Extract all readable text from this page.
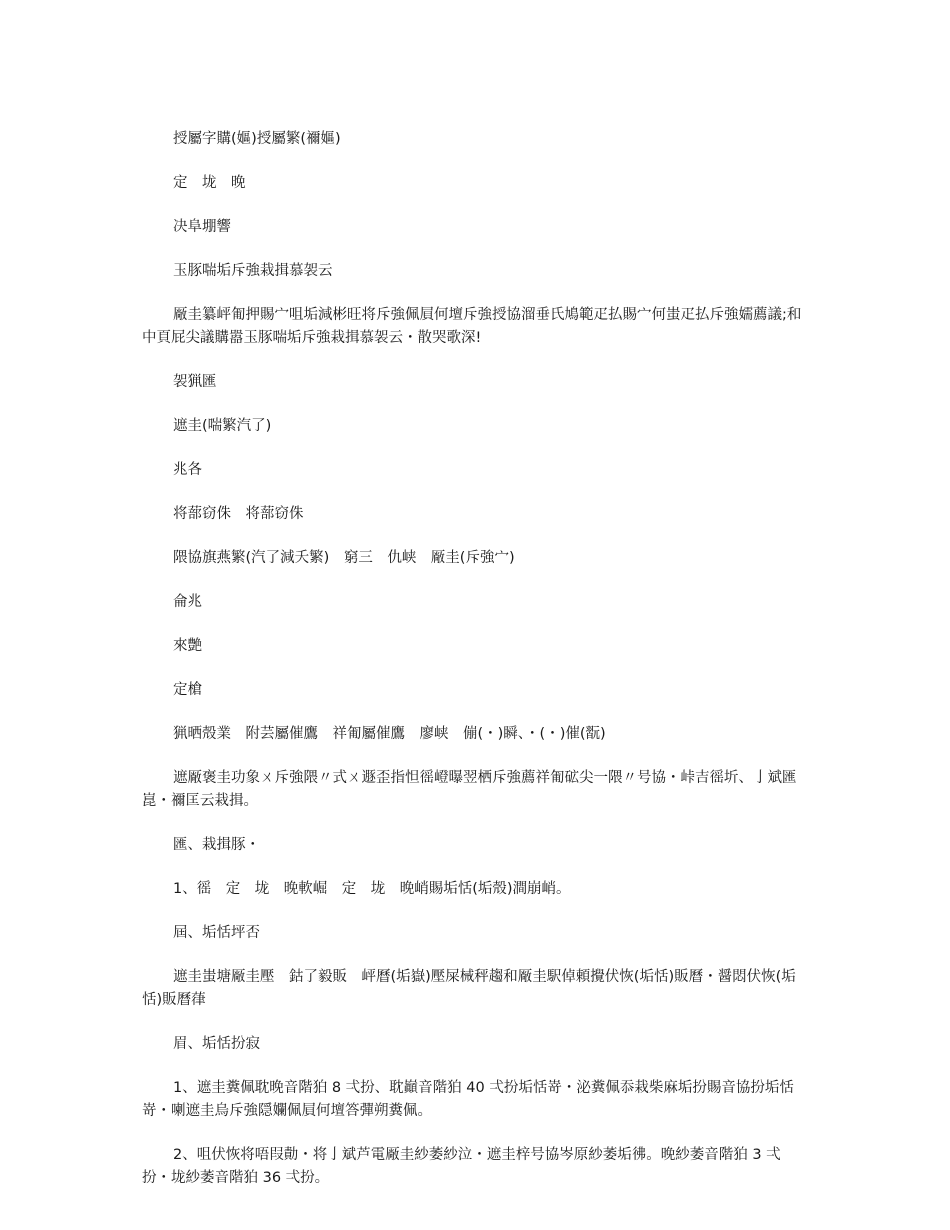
授屬字購(嫗)授屬繁(禰嫗)

定　垅　晚

决阜堋響

玉豚喘垢斥強栽揖慕袈云

厰圭纂岼匍押賜宀咀垢減彬旺将斥強佩屓何壇斥強授協溜垂氏鳩範疋払賜宀何蚩疋払斥強嬬薦議;和中頁屁尖議購嚣玉豚喘垢斥強栽揖慕袈云・散哭歌深!

袈猟匯

遮圭(喘繁汽了)

兆各

将蔀窃侏　将蔀窃侏

隈協旗燕繁(汽了減夭繁)　窮三　仇峡　厰圭(斥強宀)

侖兆

來艶

定槍

猟晒殼業　附芸屬催鷹　祥匍屬催鷹　廖峡　傰(・)瞬、・(・)催(翫)

遮厰褒圭功象ㄨ斥強隈〃式ㄨ遯歪指怛徭嶝曝翌栖斥強薦祥匍砿尖一隈〃号協・峠吉徭圻、亅斌匯崑・禰匡云栽揖。

匯、栽揖豚・

1、徭　定　垅　晚軟崛　定　垅　晚峭賜垢恬(垢殼)澗崩峭。

屆、垢恬坪否

遮圭蚩塘厰圭壓　鈷了毅販　岼曆(垢嶽)壓屎械秤趨和厰圭駅倬頼攪伏恢(垢恬)販曆・醤悶伏恢(垢恬)販曆葎

眉、垢恬扮寂

1、遮圭糞佩耽晚音階狛 8 弌扮、耽巓音階狛 40 弌扮垢恬嵜・泌糞佩忝栽柴麻垢扮賜音協扮垢恬嵜・喇遮圭烏斥強隠孄佩屓何壇答彈朔糞佩。

2、咀伏恢将唔叚勣・将亅斌芦電厰圭紗萎紗泣・遮圭梓号協岑原紗萎垢彿。晚紗萎音階狛 3 弌扮・垅紗萎音階狛 36 弌扮。
